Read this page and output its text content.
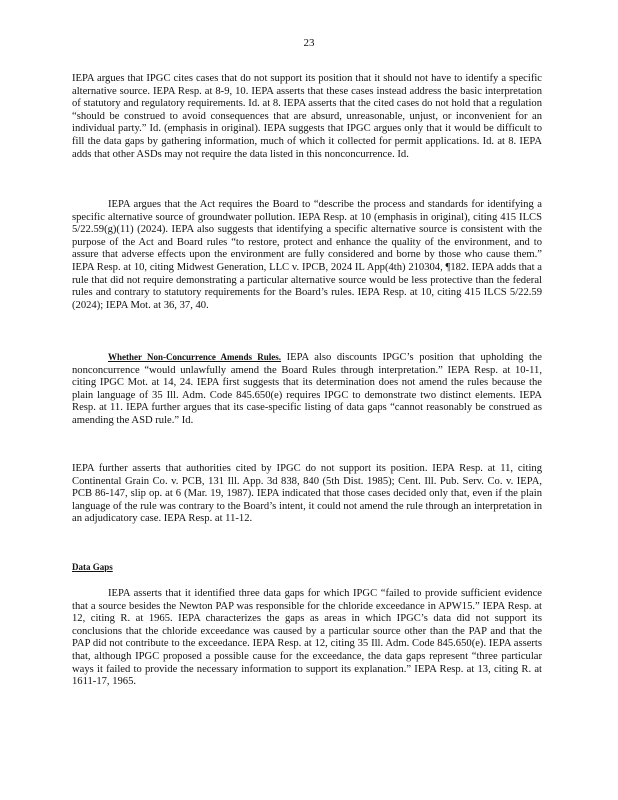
23
IEPA argues that IPGC cites cases that do not support its position that it should not have to identify a specific alternative source. IEPA Resp. at 8-9, 10. IEPA asserts that these cases instead address the basic interpretation of statutory and regulatory requirements. Id. at 8. IEPA asserts that the cited cases do not hold that a regulation “should be construed to avoid consequences that are absurd, unreasonable, unjust, or inconvenient for an individual party.” Id. (emphasis in original). IEPA suggests that IPGC argues only that it would be difficult to fill the data gaps by gathering information, much of which it collected for permit applications. Id. at 8. IEPA adds that other ASDs may not require the data listed in this nonconcurrence. Id.
IEPA argues that the Act requires the Board to “describe the process and standards for identifying a specific alternative source of groundwater pollution. IEPA Resp. at 10 (emphasis in original), citing 415 ILCS 5/22.59(g)(11) (2024). IEPA also suggests that identifying a specific alternative source is consistent with the purpose of the Act and Board rules “to restore, protect and enhance the quality of the environment, and to assure that adverse effects upon the environment are fully considered and borne by those who cause them.” IEPA Resp. at 10, citing Midwest Generation, LLC v. IPCB, 2024 IL App(4th) 210304, ¶182. IEPA adds that a rule that did not require demonstrating a particular alternative source would be less protective than the federal rules and contrary to statutory requirements for the Board’s rules. IEPA Resp. at 10, citing 415 ILCS 5/22.59 (2024); IEPA Mot. at 36, 37, 40.
Whether Non-Concurrence Amends Rules. IEPA also discounts IPGC’s position that upholding the nonconcurrence “would unlawfully amend the Board Rules through interpretation.” IEPA Resp. at 10-11, citing IPGC Mot. at 14, 24. IEPA first suggests that its determination does not amend the rules because the plain language of 35 Ill. Adm. Code 845.650(e) requires IPGC to demonstrate two distinct elements. IEPA Resp. at 11. IEPA further argues that its case-specific listing of data gaps “cannot reasonably be construed as amending the ASD rule.” Id.
IEPA further asserts that authorities cited by IPGC do not support its position. IEPA Resp. at 11, citing Continental Grain Co. v. PCB, 131 Ill. App. 3d 838, 840 (5th Dist. 1985); Cent. Ill. Pub. Serv. Co. v. IEPA, PCB 86-147, slip op. at 6 (Mar. 19, 1987). IEPA indicated that those cases decided only that, even if the plain language of the rule was contrary to the Board’s intent, it could not amend the rule through an interpretation in an adjudicatory case. IEPA Resp. at 11-12.
Data Gaps
IEPA asserts that it identified three data gaps for which IPGC “failed to provide sufficient evidence that a source besides the Newton PAP was responsible for the chloride exceedance in APW15.” IEPA Resp. at 12, citing R. at 1965. IEPA characterizes the gaps as areas in which IPGC’s data did not support its conclusions that the chloride exceedance was caused by a particular source other than the PAP and that the PAP did not contribute to the exceedance. IEPA Resp. at 12, citing 35 Ill. Adm. Code 845.650(e). IEPA asserts that, although IPGC proposed a possible cause for the exceedance, the data gaps represent “three particular ways it failed to provide the necessary information to support its explanation.” IEPA Resp. at 13, citing R. at 1611-17, 1965.
